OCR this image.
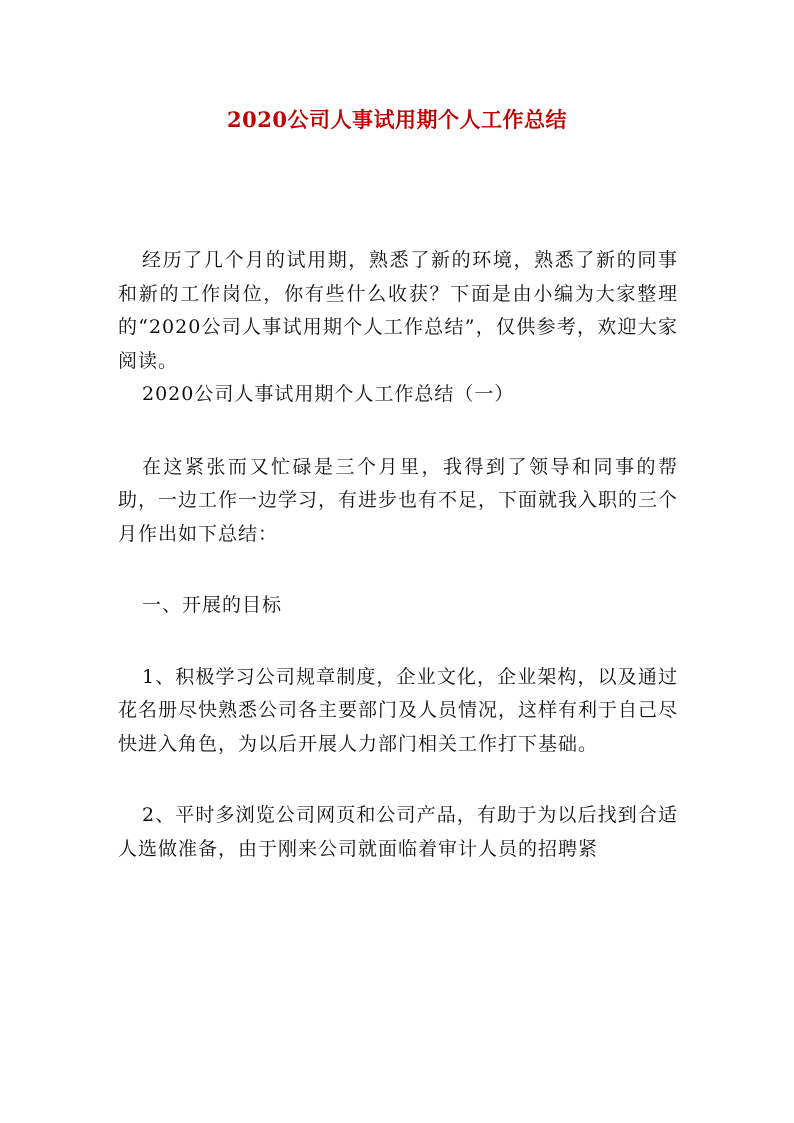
2020公司人事试用期个人工作总结

经历了几个月的试用期，熟悉了新的环境，熟悉了新的同事和新的工作岗位，你有些什么收获？下面是由小编为大家整理的“2020公司人事试用期个人工作总结”，仅供参考，欢迎大家阅读。

2020公司人事试用期个人工作总结（一）

在这紧张而又忙碌是三个月里，我得到了领导和同事的帮助，一边工作一边学习，有进步也有不足，下面就我入职的三个月作出如下总结：

一、开展的目标

1、积极学习公司规章制度，企业文化，企业架构，以及通过花名册尽快熟悉公司各主要部门及人员情况，这样有利于自己尽快进入角色，为以后开展人力部门相关工作打下基础。

2、平时多浏览公司网页和公司产品，有助于为以后找到合适人选做准备，由于刚来公司就面临着审计人员的招聘紧
